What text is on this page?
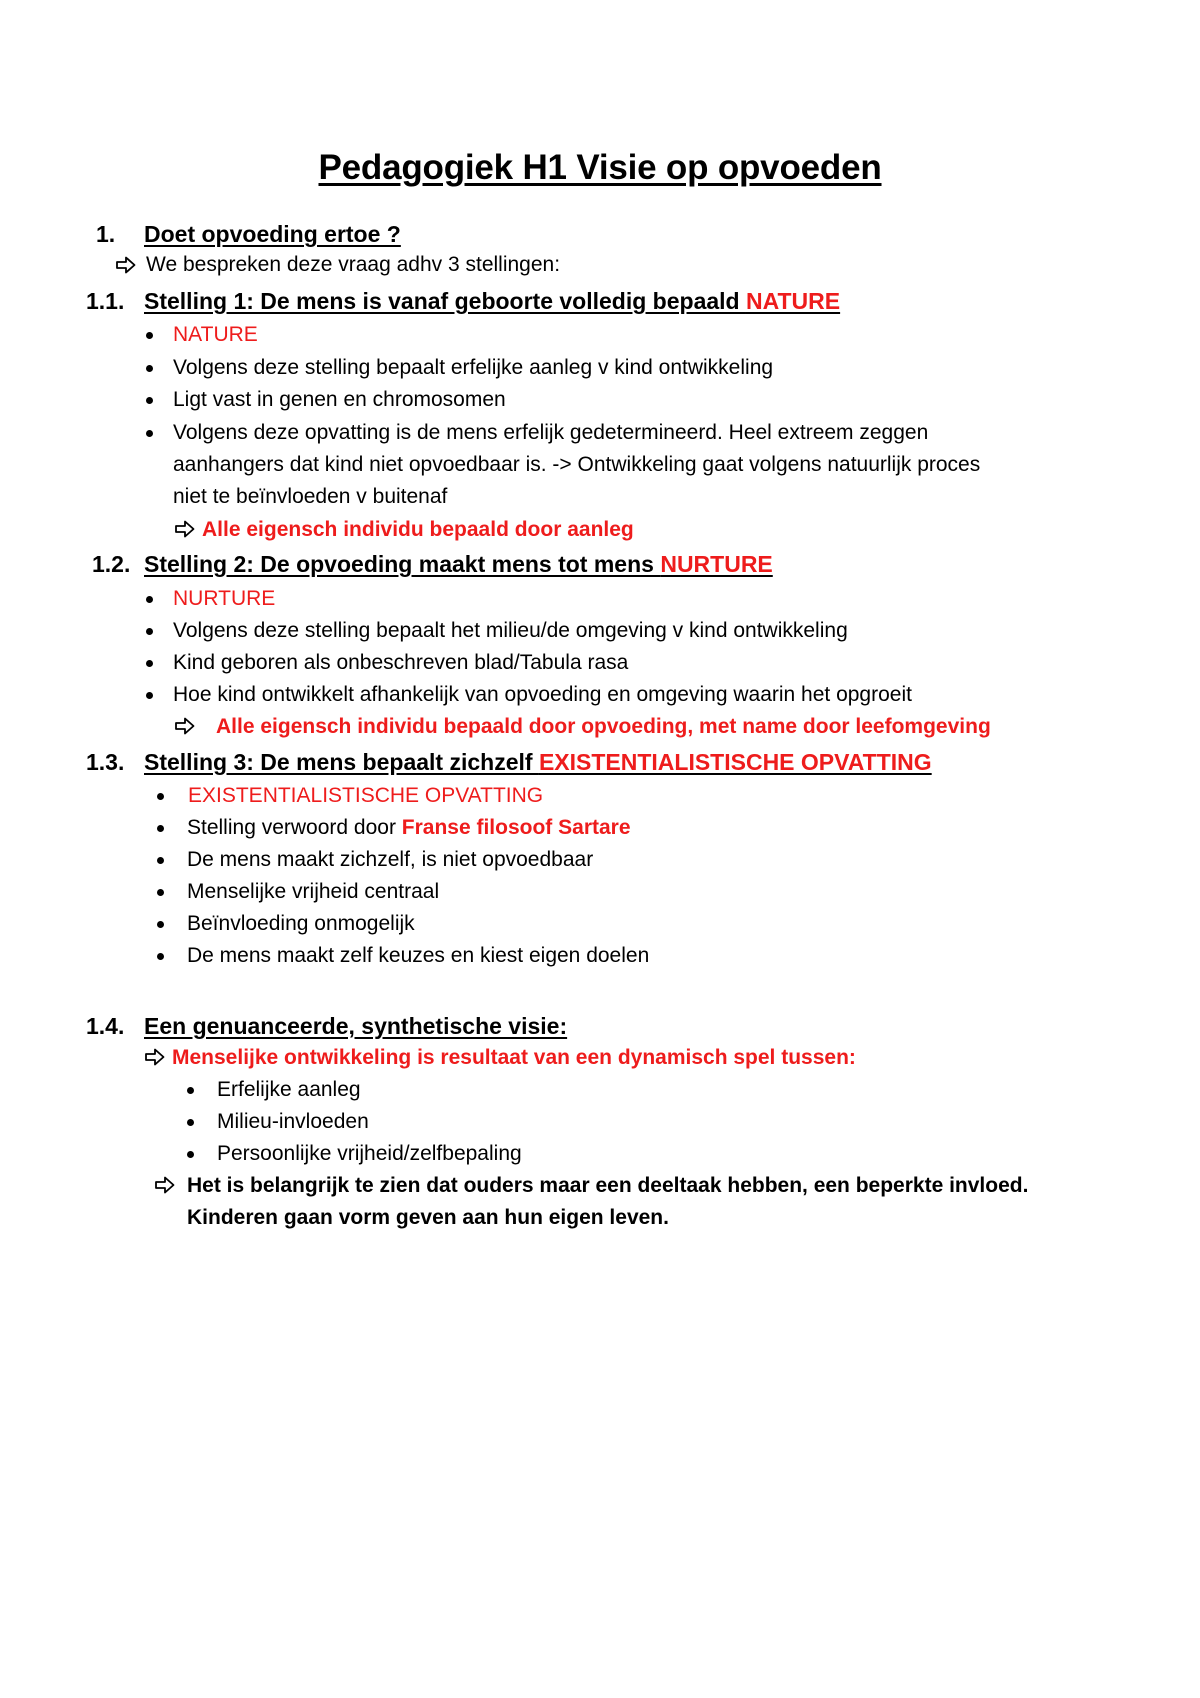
Pedagogiek H1 Visie op opvoeden
1. Doet opvoeding ertoe ?
We bespreken deze vraag adhv 3 stellingen:
1.1. Stelling 1: De mens is vanaf geboorte volledig bepaald NATURE
NATURE
Volgens deze stelling bepaalt erfelijke aanleg v kind ontwikkeling
Ligt vast in genen en chromosomen
Volgens deze opvatting is de mens erfelijk gedetermineerd. Heel extreem zeggen
aanhangers dat kind niet opvoedbaar is. -> Ontwikkeling gaat volgens natuurlijk proces
niet te beïnvloeden v buitenaf
Alle eigensch individu bepaald door aanleg
1.2. Stelling 2: De opvoeding maakt mens tot mens NURTURE
NURTURE
Volgens deze stelling bepaalt het milieu/de omgeving v kind ontwikkeling
Kind geboren als onbeschreven blad/Tabula rasa
Hoe kind ontwikkelt afhankelijk van opvoeding en omgeving waarin het opgroeit
Alle eigensch individu bepaald door opvoeding, met name door leefomgeving
1.3. Stelling 3: De mens bepaalt zichzelf EXISTENTIALISTISCHE OPVATTING
EXISTENTIALISTISCHE OPVATTING
Stelling verwoord door Franse filosoof Sartare
De mens maakt zichzelf, is niet opvoedbaar
Menselijke vrijheid centraal
Beïnvloeding onmogelijk
De mens maakt zelf keuzes en kiest eigen doelen
1.4. Een genuanceerde, synthetische visie:
Menselijke ontwikkeling is resultaat van een dynamisch spel tussen:
Erfelijke aanleg
Milieu-invloeden
Persoonlijke vrijheid/zelfbepaling
Het is belangrijk te zien dat ouders maar een deeltaak hebben, een beperkte invloed.
Kinderen gaan vorm geven aan hun eigen leven.
